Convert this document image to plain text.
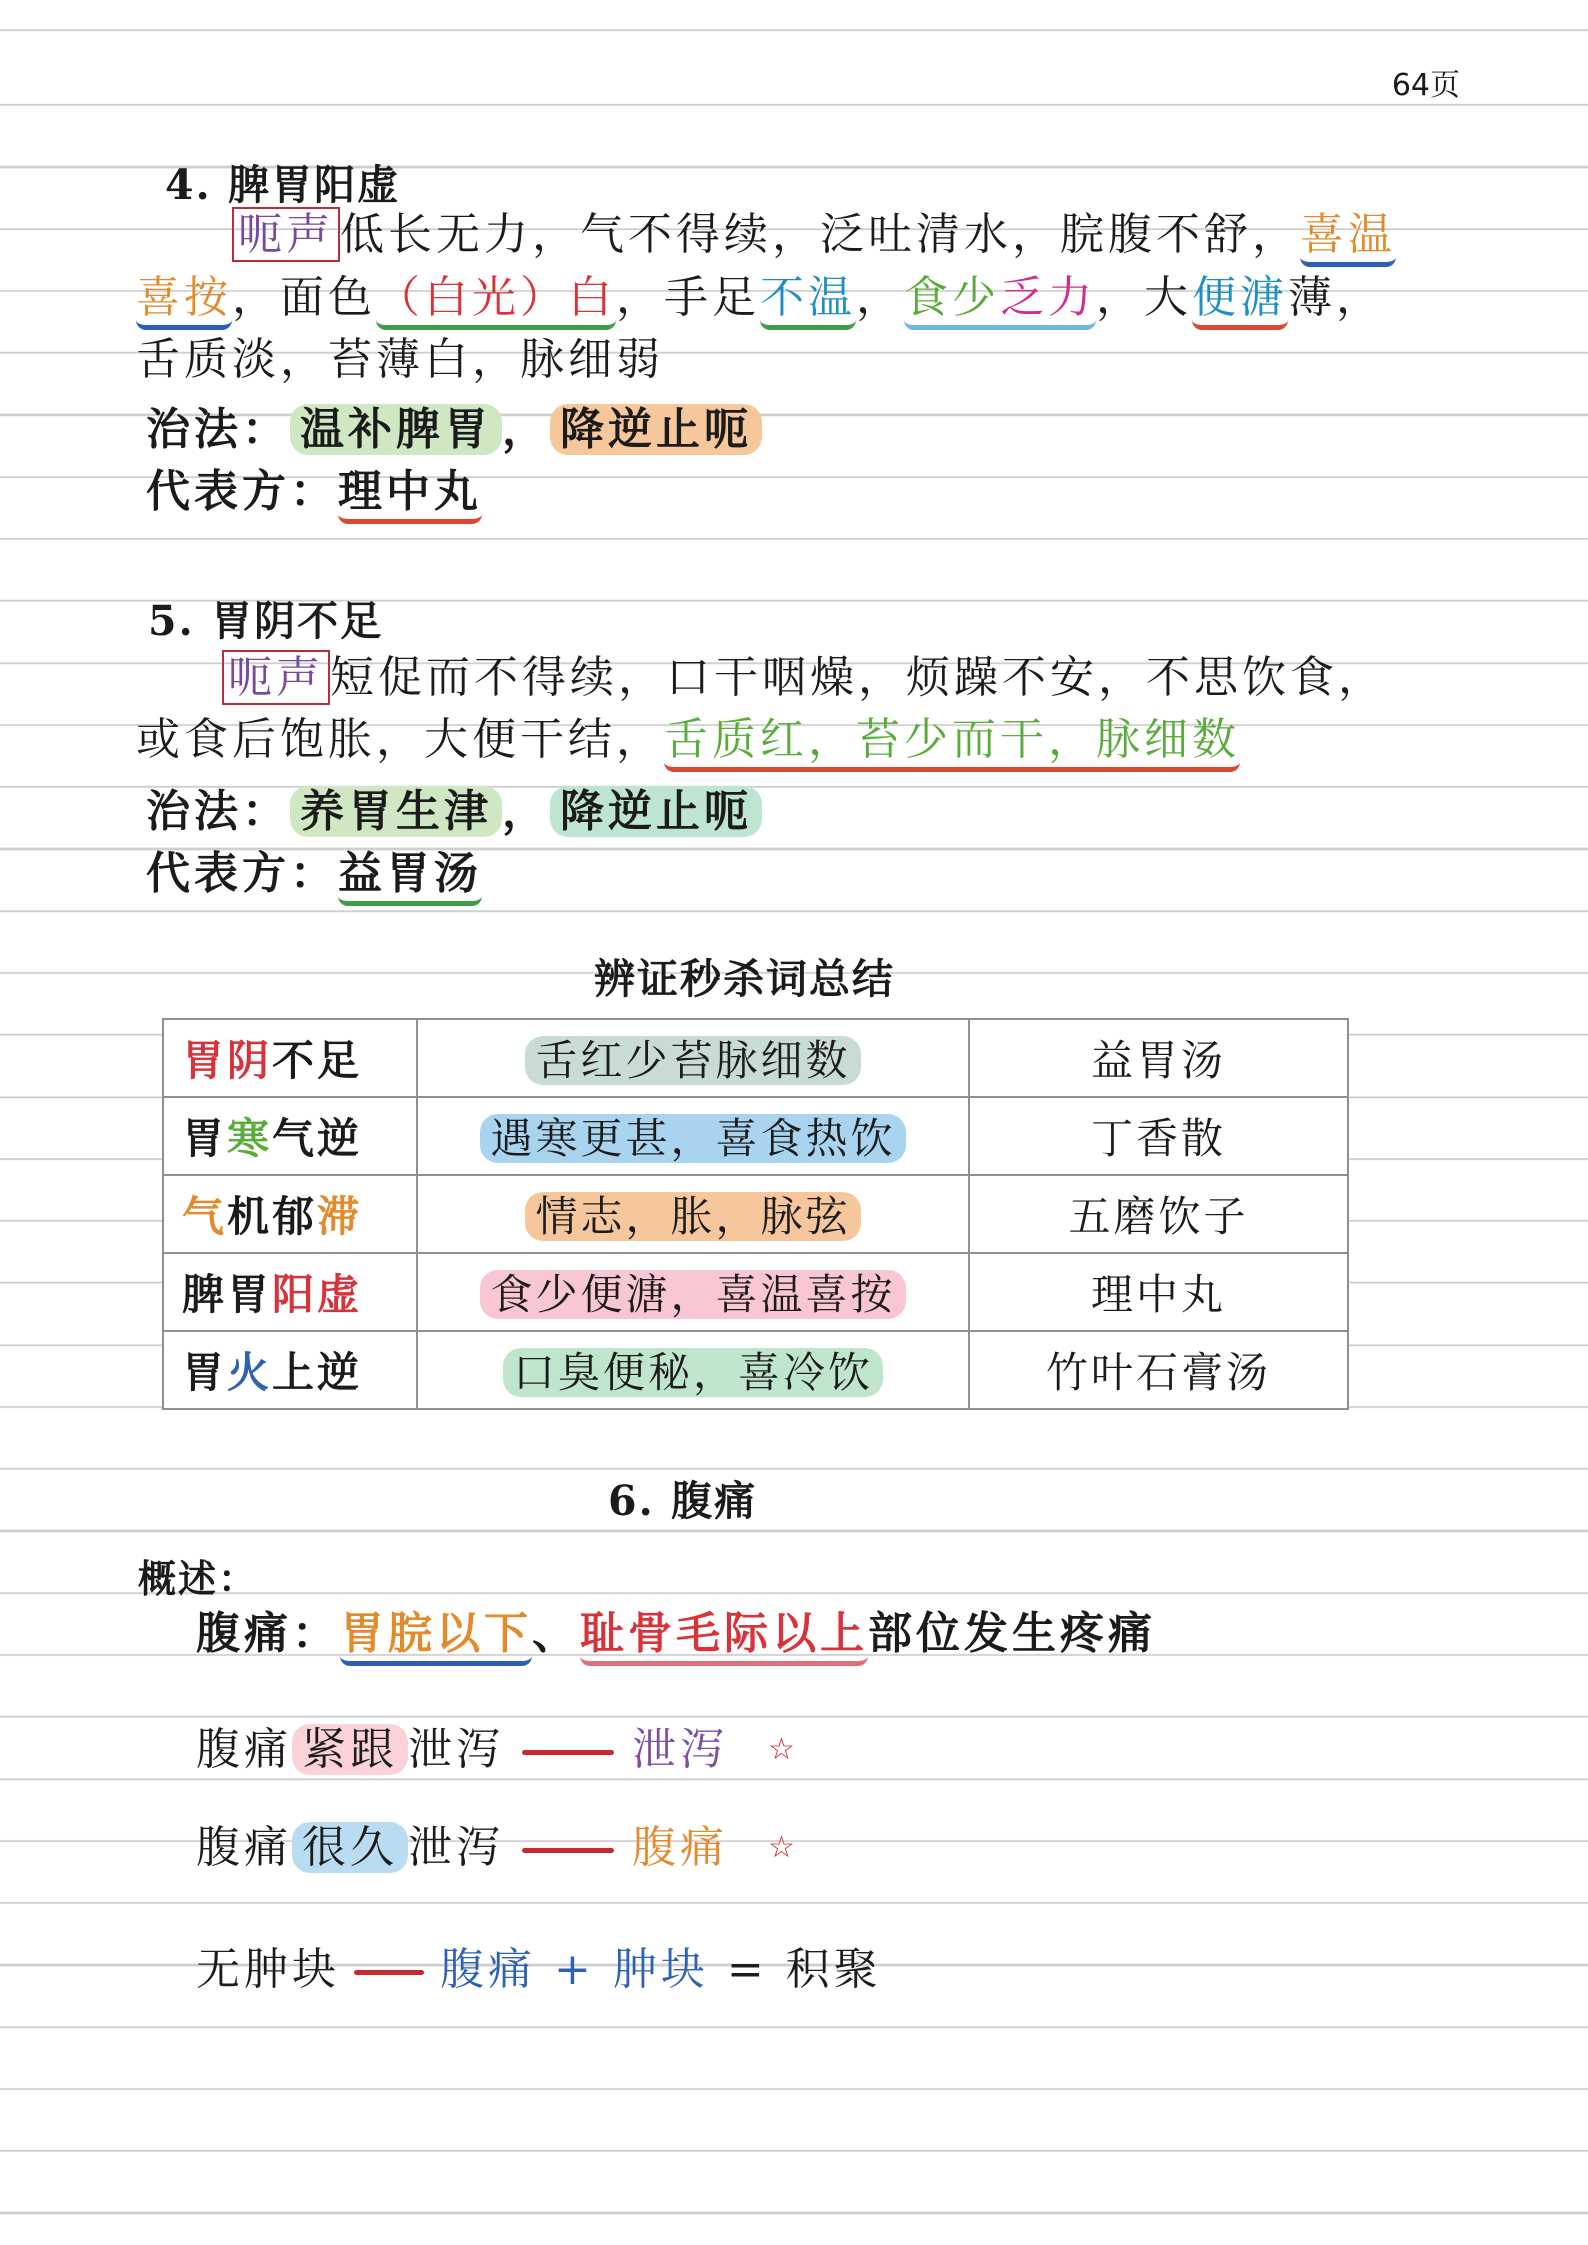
64页
4. 脾胃阳虚
呃声 低长无力，气不得续，泛吐清水，脘腹不舒，喜温
喜按，面色（白光）白，手足不温，食少乏力，大便溏薄，
舌质淡，苔薄白，脉细弱
治法： 温补脾胃 ， 降逆止呃
代表方：理中丸
5. 胃阴不足
呃声 短促而不得续，口干咽燥，烦躁不安，不思饮食，
或食后饱胀，大便干结，舌质红，苔少而干，脉细数
治法： 养胃生津 ， 降逆止呃
代表方：益胃汤
辨证秒杀词总结
胃阴不足	舌红少苔脉细数	益胃汤
胃寒气逆	遇寒更甚，喜食热饮	丁香散
气机郁滞	情志，胀，脉弦	五磨饮子
脾胃阳虚	食少便溏，喜温喜按	理中丸
胃火上逆	口臭便秘，喜冷饮	竹叶石膏汤
6. 腹痛
概述：
腹痛：胃脘以下、耻骨毛际以上部位发生疼痛
腹痛 紧跟 泄泻	泄泻 ☆
腹痛 很久 泄泻	腹痛 ☆
无肿块 腹痛 + 肿块 = 积聚
